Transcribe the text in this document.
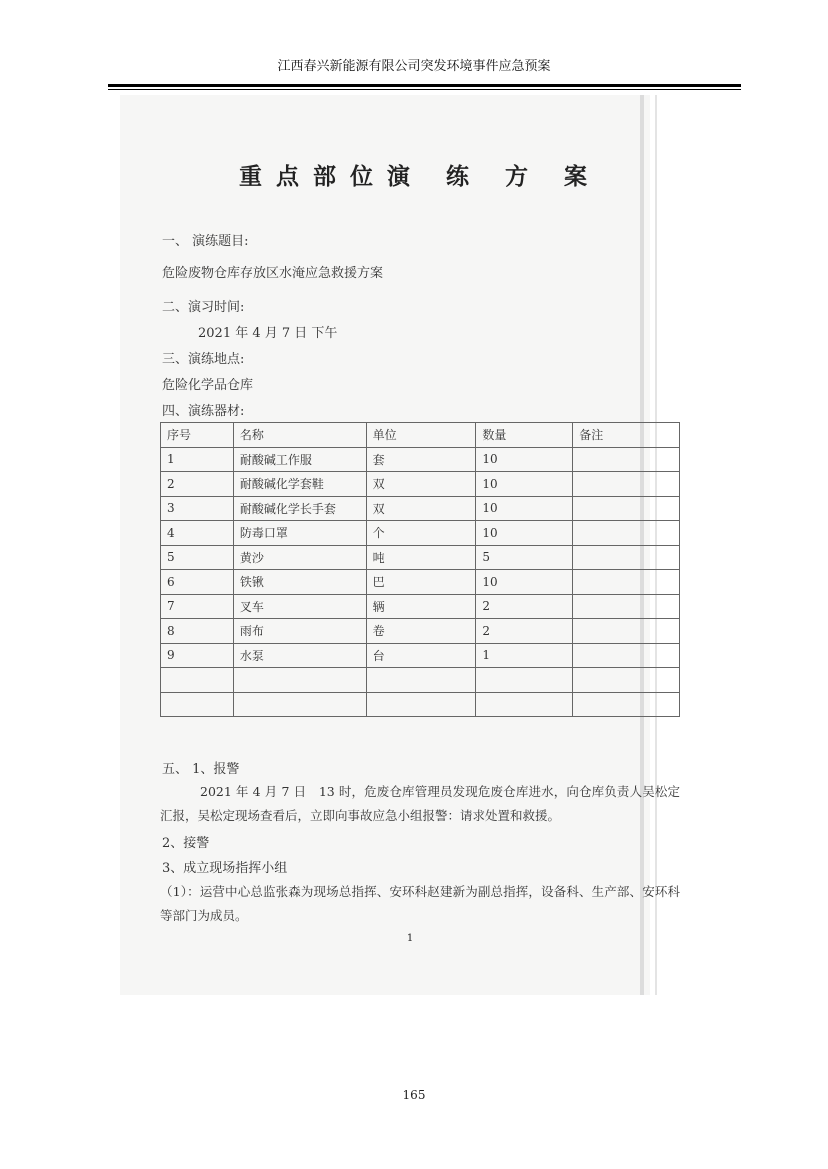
江西春兴新能源有限公司突发环境事件应急预案
重点部位演 练 方 案
一、 演练题目:
危险废物仓库存放区水淹应急救援方案
二、演习时间:
2021 年 4 月 7 日 下午
三、演练地点:
危险化学品仓库
四、演练器材:
序号	名称	单位	数量	备注
1	耐酸碱工作服	套	10	
2	耐酸碱化学套鞋	双	10	
3	耐酸碱化学长手套	双	10	
4	防毒口罩	个	10	
5	黄沙	吨	5	
6	铁锹	巴	10	
7	叉车	辆	2	
8	雨布	卷	2	
9	水泵	台	1	

五、 1、报警
2021 年 4 月 7 日　13 时，危废仓库管理员发现危废仓库进水，向仓库负责人吴松定汇报，吴松定现场查看后，立即向事故应急小组报警：请求处置和救援。
2、接警
3、成立现场指挥小组
（1）：运营中心总监张森为现场总指挥、安环科赵建新为副总指挥，设备科、生产部、安环科等部门为成员。
1
165
